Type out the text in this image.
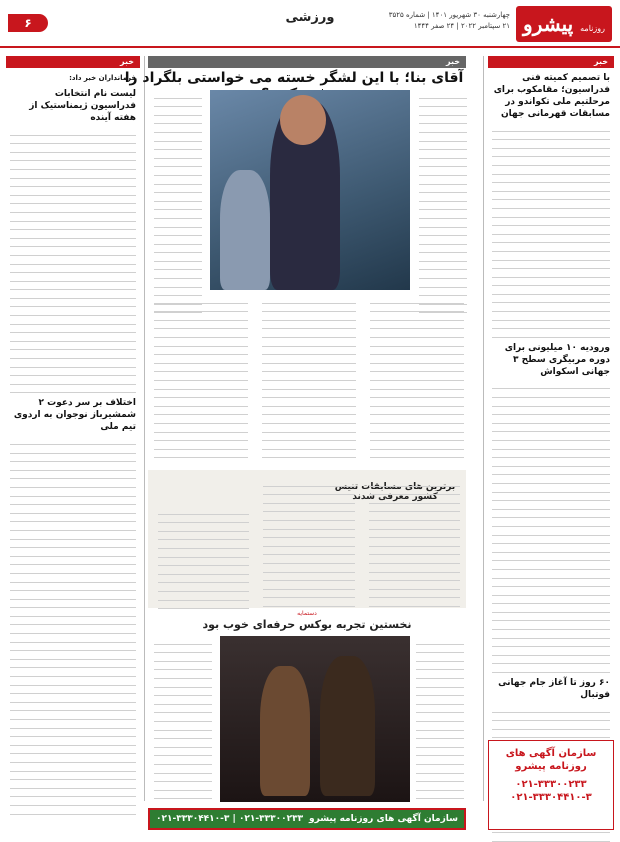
روزنامه پیشرو
چهارشنبه ۳۰ شهریور ۱۴۰۱ | شماره ۳۵۲۵
۲۱ سپتامبر ۲۰۲۲ | ۲۴ صفر ۱۴۴۴
ورزشی
۶
خبر
با تصمیم کمیته فنی فدراسیون؛ مقامکوب برای مرحلتیم ملی تکواندو در مسابقات قهرمانی جهان
ورودیه ۱۰ میلیونی برای دوره مربیگری سطح ۳ جهانی اسکواش
۶۰ روز تا آغاز جام جهانی فوتبال
خبر
فرمانداران خبر داد:
لیست نام انتخابات فدراسیون ژیمناستیک از هفته آینده
اختلاف بر سر دعوت ۲ شمشیرباز نوجوان به اردوی تیم ملی
خبر
آقای بنا؛ با این لشگر خسته می خواستی بلگراد را
برترین های مسابقات تنیس کشور معرفی شدند
دستمایه
نخستین تجربه بوکس حرفه‌ای خوب بود
سازمان آگهی های روزنامه پیشرو
۰۲۱-۳۳۳۰۰۲۳۳
۰۲۱-۳۳۳۰۴۴۱۰-۳
سازمان آگهی های روزنامه پیشرو
۰۲۱-۳۳۳۰۴۴۱۰-۳ | ۰۲۱-۳۳۳۰۰۲۳۳
